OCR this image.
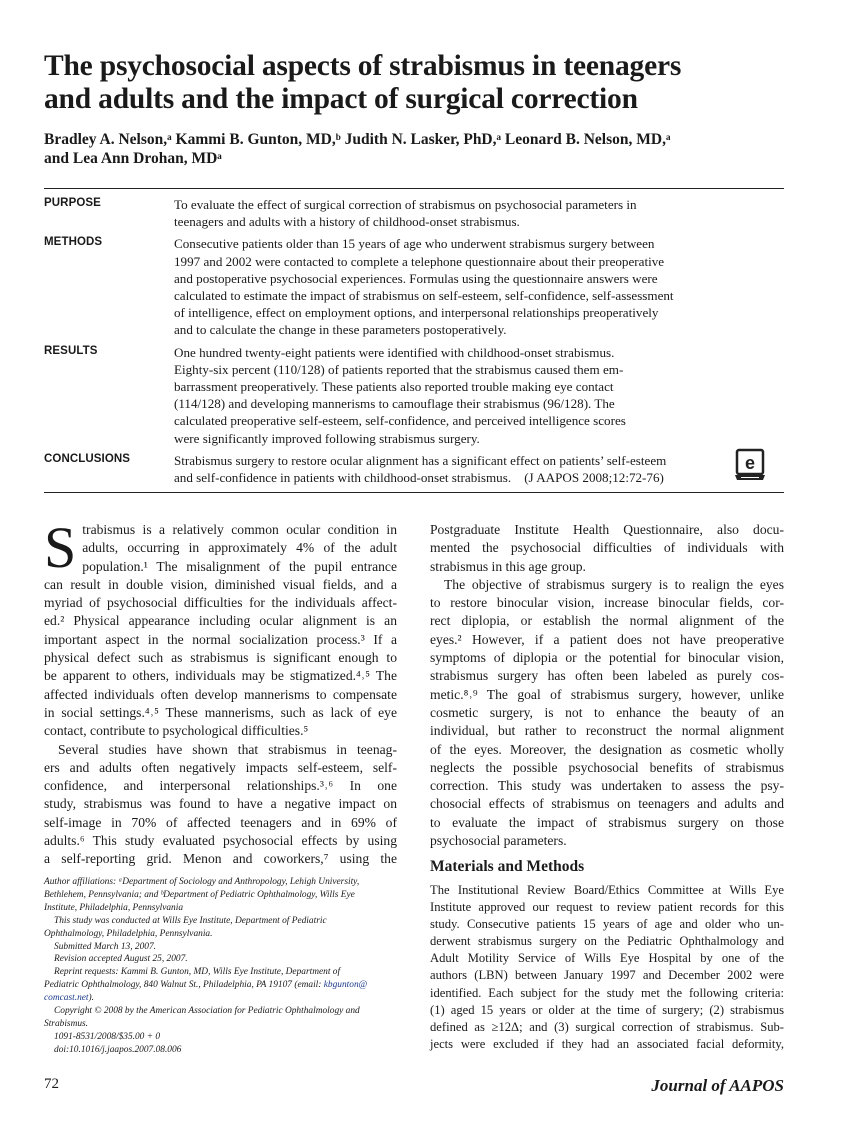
The psychosocial aspects of strabismus in teenagers
and adults and the impact of surgical correction
Bradley A. Nelson,ᵃ Kammi B. Gunton, MD,ᵇ Judith N. Lasker, PhD,ᵃ Leonard B. Nelson, MD,ᵃ
and Lea Ann Drohan, MDᵃ
PURPOSE	To evaluate the effect of surgical correction of strabismus on psychosocial parameters in
teenagers and adults with a history of childhood-onset strabismus.
METHODS	Consecutive patients older than 15 years of age who underwent strabismus surgery between
1997 and 2002 were contacted to complete a telephone questionnaire about their preoperative
and postoperative psychosocial experiences. Formulas using the questionnaire answers were
calculated to estimate the impact of strabismus on self-esteem, self-confidence, self-assessment
of intelligence, effect on employment options, and interpersonal relationships preoperatively
and to calculate the change in these parameters postoperatively.
RESULTS	One hundred twenty-eight patients were identified with childhood-onset strabismus.
Eighty-six percent (110/128) of patients reported that the strabismus caused them em-
barrassment preoperatively. These patients also reported trouble making eye contact
(114/128) and developing mannerisms to camouflage their strabismus (96/128). The
calculated preoperative self-esteem, self-confidence, and perceived intelligence scores
were significantly improved following strabismus surgery.
CONCLUSIONS	Strabismus surgery to restore ocular alignment has a significant effect on patients’ self-esteem
and self-confidence in patients with childhood-onset strabismus. (J AAPOS 2008;12:72-76)
e

S trabismus is a relatively common ocular condition in
adults, occurring in approximately 4% of the adult
population.¹ The misalignment of the pupil entrance
can result in double vision, diminished visual fields, and a
myriad of psychosocial difficulties for the individuals affect-
ed.² Physical appearance including ocular alignment is an
important aspect in the normal socialization process.³ If a
physical defect such as strabismus is significant enough to
be apparent to others, individuals may be stigmatized.⁴˒⁵ The
affected individuals often develop mannerisms to compensate
in social settings.⁴˒⁵ These mannerisms, such as lack of eye
contact, contribute to psychological difficulties.⁵

Several studies have shown that strabismus in teenag-
ers and adults often negatively impacts self-esteem, self-
confidence, and interpersonal relationships.³˒⁶ In one
study, strabismus was found to have a negative impact on
self-image in 70% of affected teenagers and in 69% of
adults.⁶ This study evaluated psychosocial effects by using
a self-reporting grid. Menon and coworkers,⁷ using the

Postgraduate Institute Health Questionnaire, also docu-
mented the psychosocial difficulties of individuals with
strabismus in this age group.

The objective of strabismus surgery is to realign the eyes
to restore binocular vision, increase binocular fields, cor-
rect diplopia, or establish the normal alignment of the
eyes.² However, if a patient does not have preoperative
symptoms of diplopia or the potential for binocular vision,
strabismus surgery has often been labeled as purely cos-
metic.⁸˒⁹ The goal of strabismus surgery, however, unlike
cosmetic surgery, is not to enhance the beauty of an
individual, but rather to reconstruct the normal alignment
of the eyes. Moreover, the designation as cosmetic wholly
neglects the possible psychosocial benefits of strabismus
correction. This study was undertaken to assess the psy-
chosocial effects of strabismus on teenagers and adults and
to evaluate the impact of strabismus surgery on those
psychosocial parameters.

Materials and Methods
The Institutional Review Board/Ethics Committee at Wills Eye
Institute approved our request to review patient records for this
study. Consecutive patients 15 years of age and older who un-
derwent strabismus surgery on the Pediatric Ophthalmology and
Adult Motility Service of Wills Eye Hospital by one of the
authors (LBN) between January 1997 and December 2002 were
identified. Each subject for the study met the following criteria:
(1) aged 15 years or older at the time of surgery; (2) strabismus
defined as ≥12Δ; and (3) surgical correction of strabismus. Sub-
jects were excluded if they had an associated facial deformity,
Author affiliations: ᵃDepartment of Sociology and Anthropology, Lehigh University,
Bethlehem, Pennsylvania; and ᵇDepartment of Pediatric Ophthalmology, Wills Eye
Institute, Philadelphia, Pennsylvania
This study was conducted at Wills Eye Institute, Department of Pediatric
Ophthalmology, Philadelphia, Pennsylvania.
Submitted March 13, 2007.
Revision accepted August 25, 2007.
Reprint requests: Kammi B. Gunton, MD, Wills Eye Institute, Department of
Pediatric Ophthalmology, 840 Walnut St., Philadelphia, PA 19107 (email: kbgunton@
comcast.net).
Copyright © 2008 by the American Association for Pediatric Ophthalmology and
Strabismus.
1091-8531/2008/$35.00 + 0
doi:10.1016/j.jaapos.2007.08.006
72	Journal of AAPOS
